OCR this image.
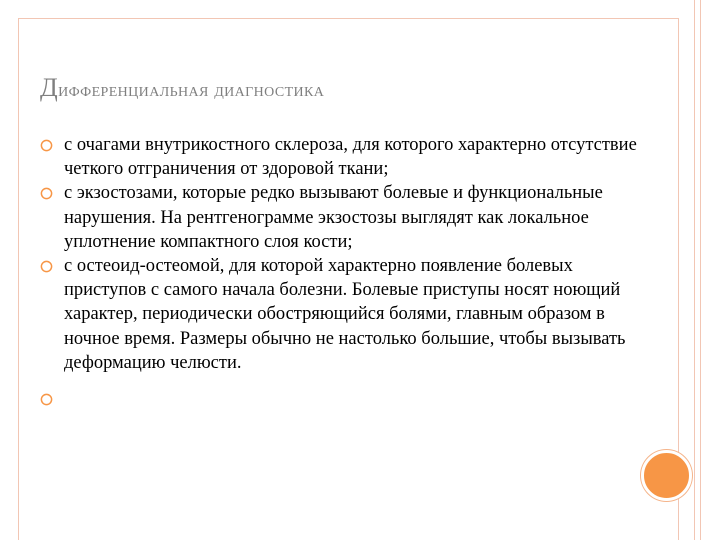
Дифференциальная диагностика
с очагами внутрикостного склероза, для которого характерно отсутствие четкого отграничения от здоровой ткани;
с экзостозами, которые редко вызывают болевые и функциональные нарушения. На рентгенограмме экзостозы выглядят как локальное уплотнение компактного слоя кости;
с остеоид-остеомой, для которой характерно появление болевых приступов с самого начала болезни. Болевые приступы носят ноющий характер, периодически обостряющийся болями, главным образом в ночное время. Размеры обычно не настолько большие, чтобы вызывать деформацию челюсти.
